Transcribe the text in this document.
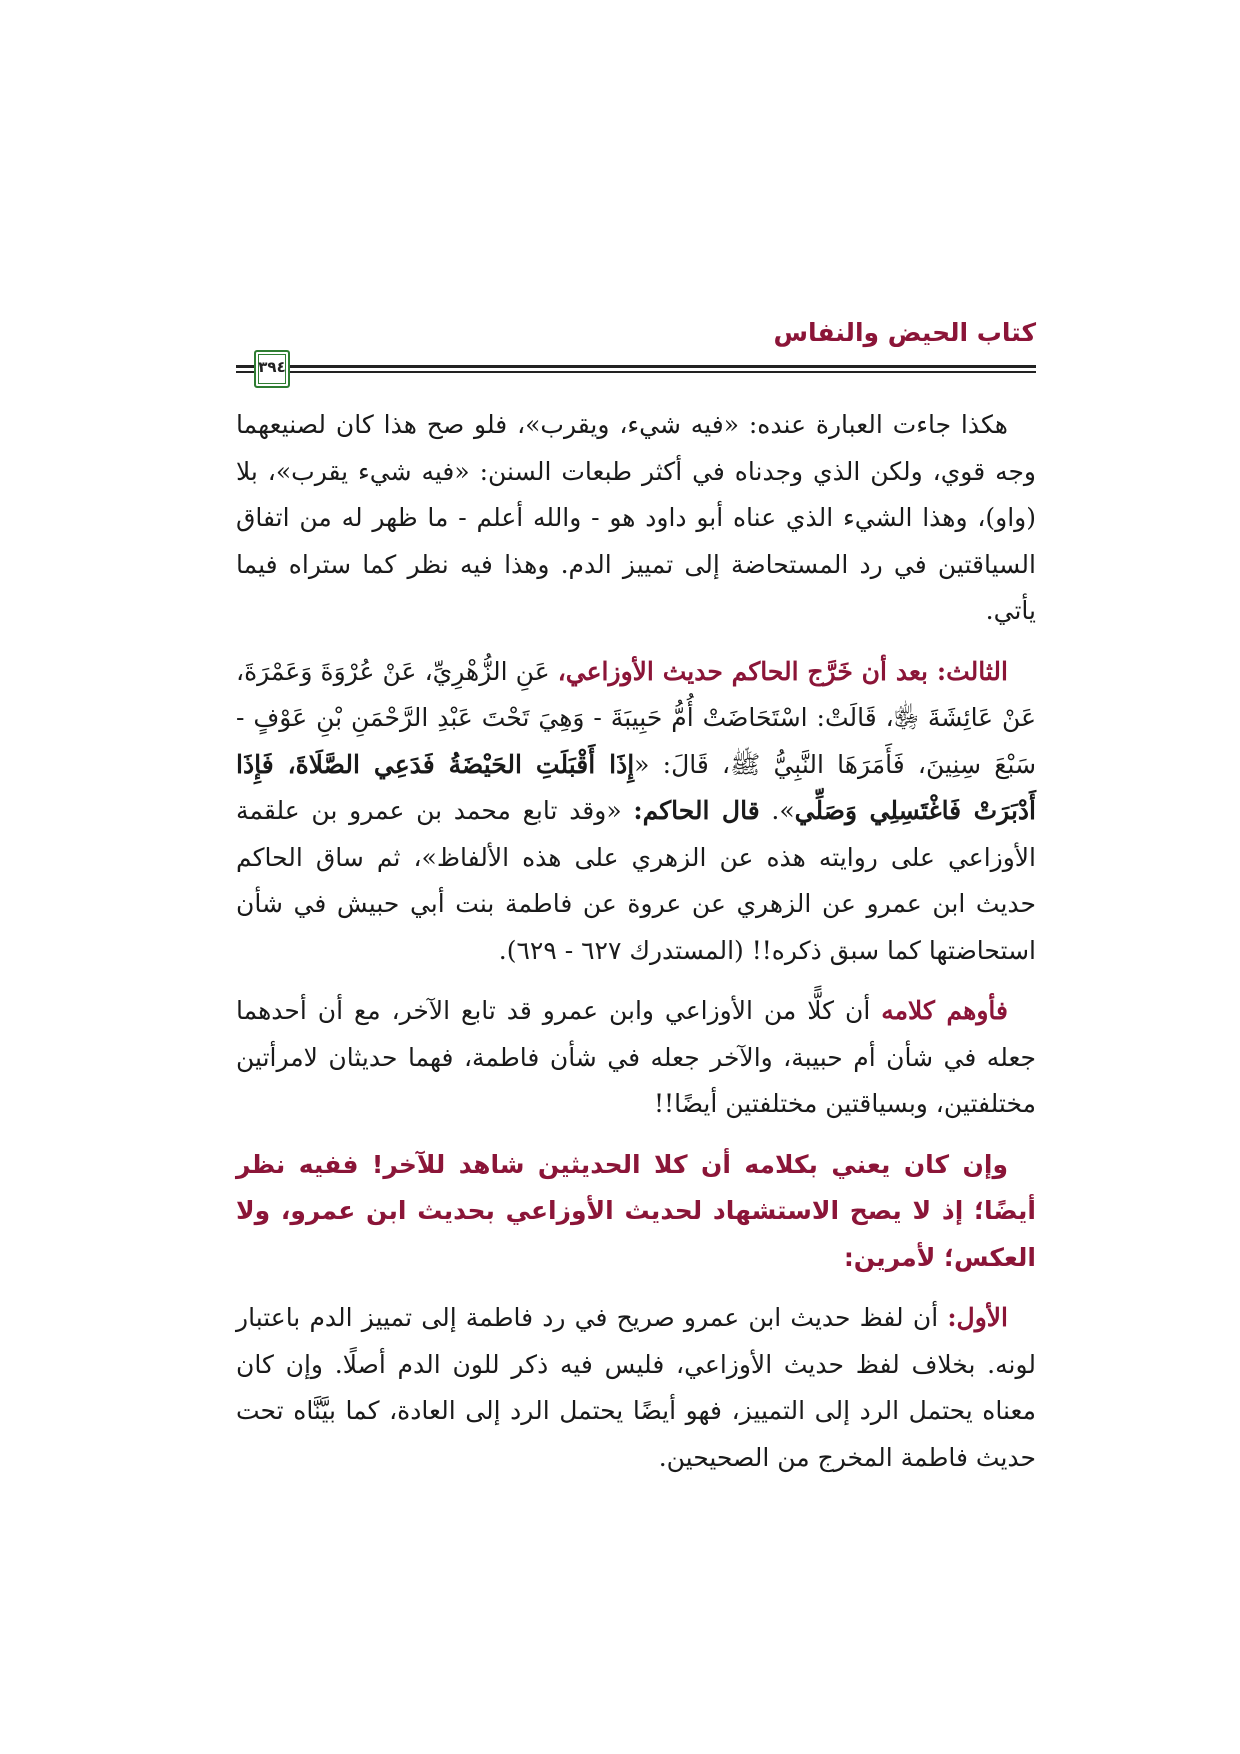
كتاب الحيض والنفاس
٣٩٤

هكذا جاءت العبارة عنده: «فيه شيء، ويقرب»، فلو صح هذا كان لصنيعهما وجه قوي، ولكن الذي وجدناه في أكثر طبعات السنن: «فيه شيء يقرب»، بلا (واو)، وهذا الشيء الذي عناه أبو داود هو - والله أعلم - ما ظهر له من اتفاق السياقتين في رد المستحاضة إلى تمييز الدم. وهذا فيه نظر كما ستراه فيما يأتي.

الثالث: بعد أن خَرَّج الحاكم حديث الأوزاعي، عَنِ الزُّهْرِيِّ، عَنْ عُرْوَةَ وَعَمْرَةَ، عَنْ عَائِشَةَ ﵂، قَالَتْ: اسْتَحَاضَتْ أُمُّ حَبِيبَةَ - وَهِيَ تَحْتَ عَبْدِ الرَّحْمَنِ بْنِ عَوْفٍ - سَبْعَ سِنِينَ، فَأَمَرَهَا النَّبِيُّ ﷺ، قَالَ: «إِذَا أَقْبَلَتِ الحَيْضَةُ فَدَعِي الصَّلَاةَ، فَإِذَا أَدْبَرَتْ فَاغْتَسِلِي وَصَلِّي». قال الحاكم: «وقد تابع محمد بن عمرو بن علقمة الأوزاعي على روايته هذه عن الزهري على هذه الألفاظ»، ثم ساق الحاكم حديث ابن عمرو عن الزهري عن عروة عن فاطمة بنت أبي حبيش في شأن استحاضتها كما سبق ذكره!! (المستدرك ٦٢٧ - ٦٢٩).

فأوهم كلامه أن كلًّا من الأوزاعي وابن عمرو قد تابع الآخر، مع أن أحدهما جعله في شأن أم حبيبة، والآخر جعله في شأن فاطمة، فهما حديثان لامرأتين مختلفتين، وبسياقتين مختلفتين أيضًا!!

وإن كان يعني بكلامه أن كلا الحديثين شاهد للآخر! ففيه نظر أيضًا؛ إذ لا يصح الاستشهاد لحديث الأوزاعي بحديث ابن عمرو، ولا العكس؛ لأمرين:

الأول: أن لفظ حديث ابن عمرو صريح في رد فاطمة إلى تمييز الدم باعتبار لونه. بخلاف لفظ حديث الأوزاعي، فليس فيه ذكر للون الدم أصلًا. وإن كان معناه يحتمل الرد إلى التمييز، فهو أيضًا يحتمل الرد إلى العادة، كما بيَّنَّاه تحت حديث فاطمة المخرج من الصحيحين.
